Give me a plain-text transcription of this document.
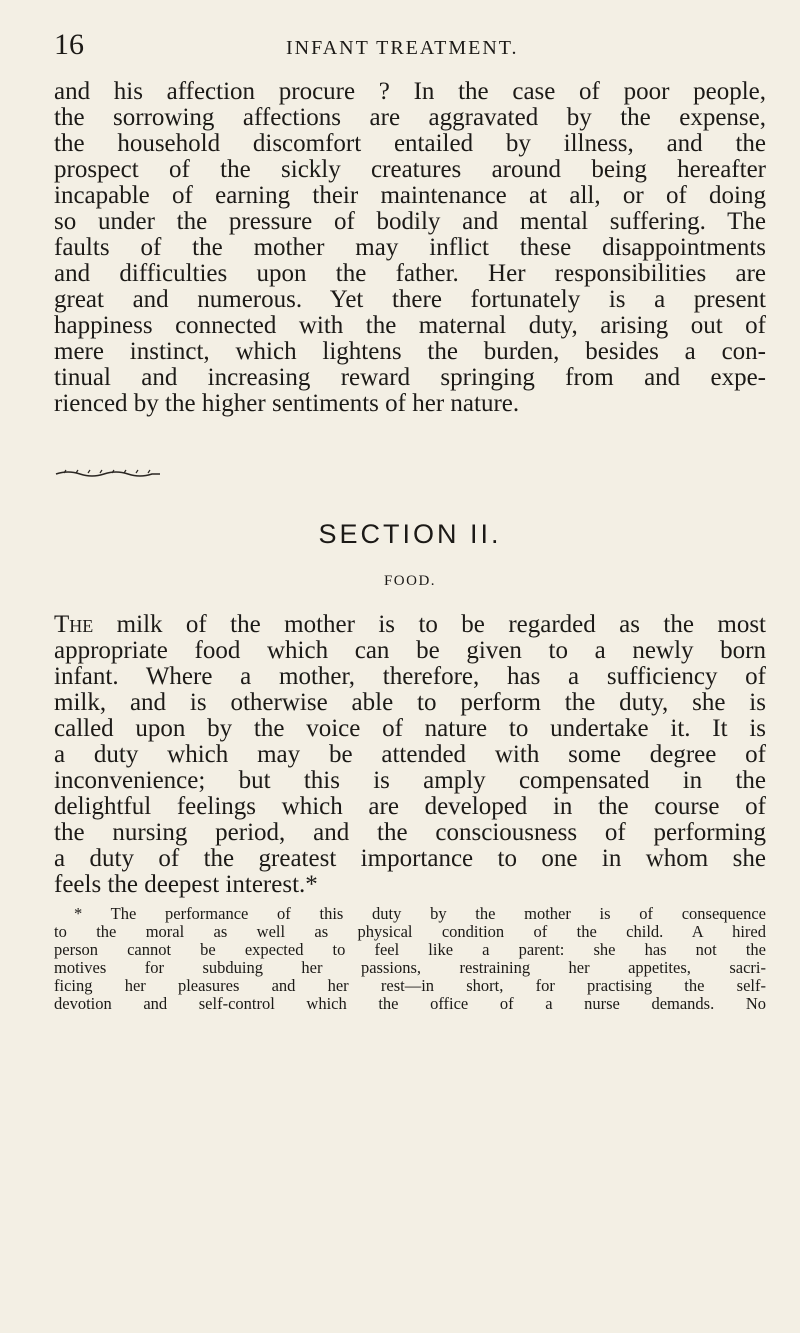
16	INFANT TREATMENT.
and his affection procure ? In the case of poor people,
the sorrowing affections are aggravated by the expense,
the household discomfort entailed by illness, and the
prospect of the sickly creatures around being hereafter
incapable of earning their maintenance at all, or of doing
so under the pressure of bodily and mental suffering. The
faults of the mother may inflict these disappointments
and difficulties upon the father. Her responsibilities are
great and numerous. Yet there fortunately is a present
happiness connected with the maternal duty, arising out of
mere instinct, which lightens the burden, besides a con-
tinual and increasing reward springing from and expe-
rienced by the higher sentiments of her nature.
SECTION II.
FOOD.
The milk of the mother is to be regarded as the most
appropriate food which can be given to a newly born
infant. Where a mother, therefore, has a sufficiency of
milk, and is otherwise able to perform the duty, she is
called upon by the voice of nature to undertake it. It is
a duty which may be attended with some degree of
inconvenience; but this is amply compensated in the
delightful feelings which are developed in the course of
the nursing period, and the consciousness of performing
a duty of the greatest importance to one in whom she
feels the deepest interest.*
* The performance of this duty by the mother is of consequence
to the moral as well as physical condition of the child. A hired
person cannot be expected to feel like a parent: she has not the
motives for subduing her passions, restraining her appetites, sacri-
ficing her pleasures and her rest—in short, for practising the self-
devotion and self-control which the office of a nurse demands. No
